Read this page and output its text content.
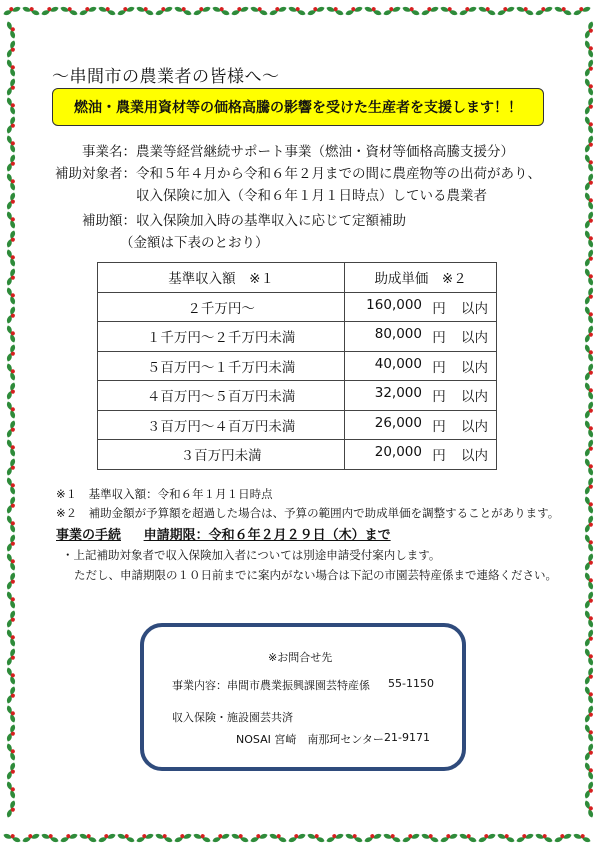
～串間市の農業者の皆様へ～
燃油・農業用資材等の価格高騰の影響を受けた生産者を支援します！！
事業名：農業等経営継続サポート事業（燃油・資材等価格高騰支援分）
補助対象者：令和５年４月から令和６年２月までの間に農産物等の出荷があり、
収入保険に加入（令和６年１月１日時点）している農業者
補助額：収入保険加入時の基準収入に応じて定額補助
（金額は下表のとおり）
基準収入額　※１	助成単価　※２
２千万円～	160,000 円 以内

１千万円～２千万円未満	80,000 円 以内

５百万円～１千万円未満	40,000 円 以内

４百万円～５百万円未満	32,000 円 以内

３百万円～４百万円未満	26,000 円 以内

３百万円未満	20,000 円 以内
※１　基準収入額：令和６年１月１日時点
※２　補助金額が予算額を超過した場合は、予算の範囲内で助成単価を調整することがあります。
事業の手続 申請期限：令和６年２月２９日（木）まで
・上記補助対象者で収入保険加入者については別途申請受付案内します。
ただし、申請期限の１０日前までに案内がない場合は下記の市園芸特産係まで連絡ください。
※お問合せ先
事業内容：串間市農業振興課園芸特産係 55-1150
収入保険・施設園芸共済
NOSAI 宮崎　南那珂センター 21-9171
